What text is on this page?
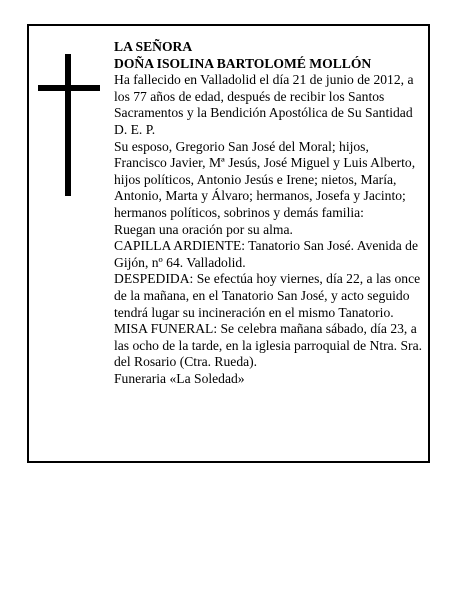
LA SEÑORA

DOÑA ISOLINA BARTOLOMÉ MOLLÓN

Ha fallecido en Valladolid el día 21 de junio de 2012, a los 77 años de edad, después de recibir los Santos Sacramentos y la Bendición Apostólica de Su Santidad D. E. P.

Su esposo, Gregorio San José del Moral; hijos, Francisco Javier, Mª Jesús, José Miguel y Luis Alberto, hijos políticos, Antonio Jesús e Irene; nietos, María, Antonio, Marta y Álvaro; hermanos, Josefa y Jacinto; hermanos políticos, sobrinos y demás familia:

Ruegan una oración por su alma.

CAPILLA ARDIENTE: Tanatorio San José. Avenida de Gijón, nº 64. Valladolid.

DESPEDIDA: Se efectúa hoy viernes, día 22, a las once de la mañana, en el Tanatorio San José, y acto seguido tendrá lugar su incineración en el mismo Tanatorio.

MISA FUNERAL: Se celebra mañana sábado, día 23, a las ocho de la tarde, en la iglesia parroquial de Ntra. Sra. del Rosario (Ctra. Rueda).

Funeraria «La Soledad»
